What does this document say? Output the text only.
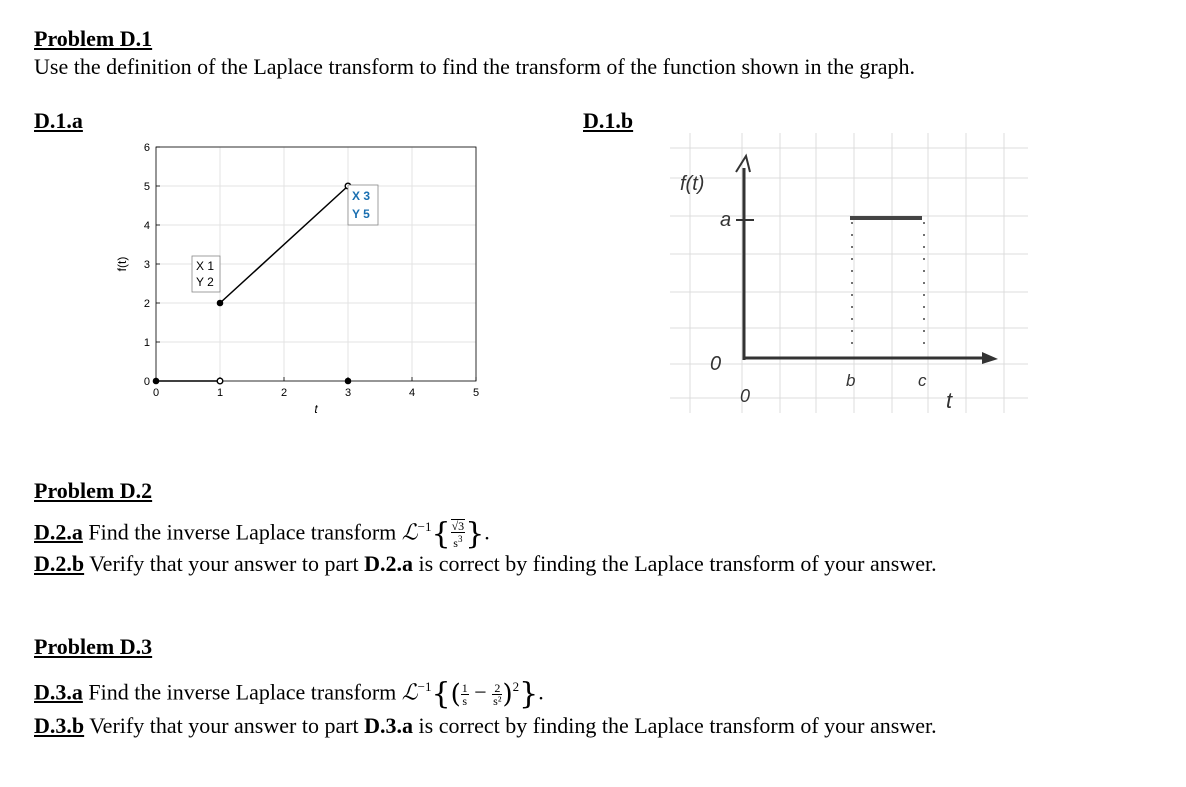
Problem D.1
Use the definition of the Laplace transform to find the transform of the function shown in the graph.
D.1.a	D.1.b
0	1	2	3	4	5
0
1
2
3
4
5
6
f(t)
t
X 1
Y 2
X 3
Y 5
f(t)
a
0
0
b	c
t
Problem D.2
D.2.a Find the inverse Laplace transform ℒ$^{-1}${ $\frac{√3}{s^3}$ }.
D.2.b Verify that your answer to part D.2.a is correct by finding the Laplace transform of your answer.
Problem D.3
D.3.a Find the inverse Laplace transform ℒ$^{-1}${( $\frac{1}{s} - \frac{2}{\text{s²}} )^2$}.
D.3.b Verify that your answer to part D.3.a is correct by finding the Laplace transform of your answer.
